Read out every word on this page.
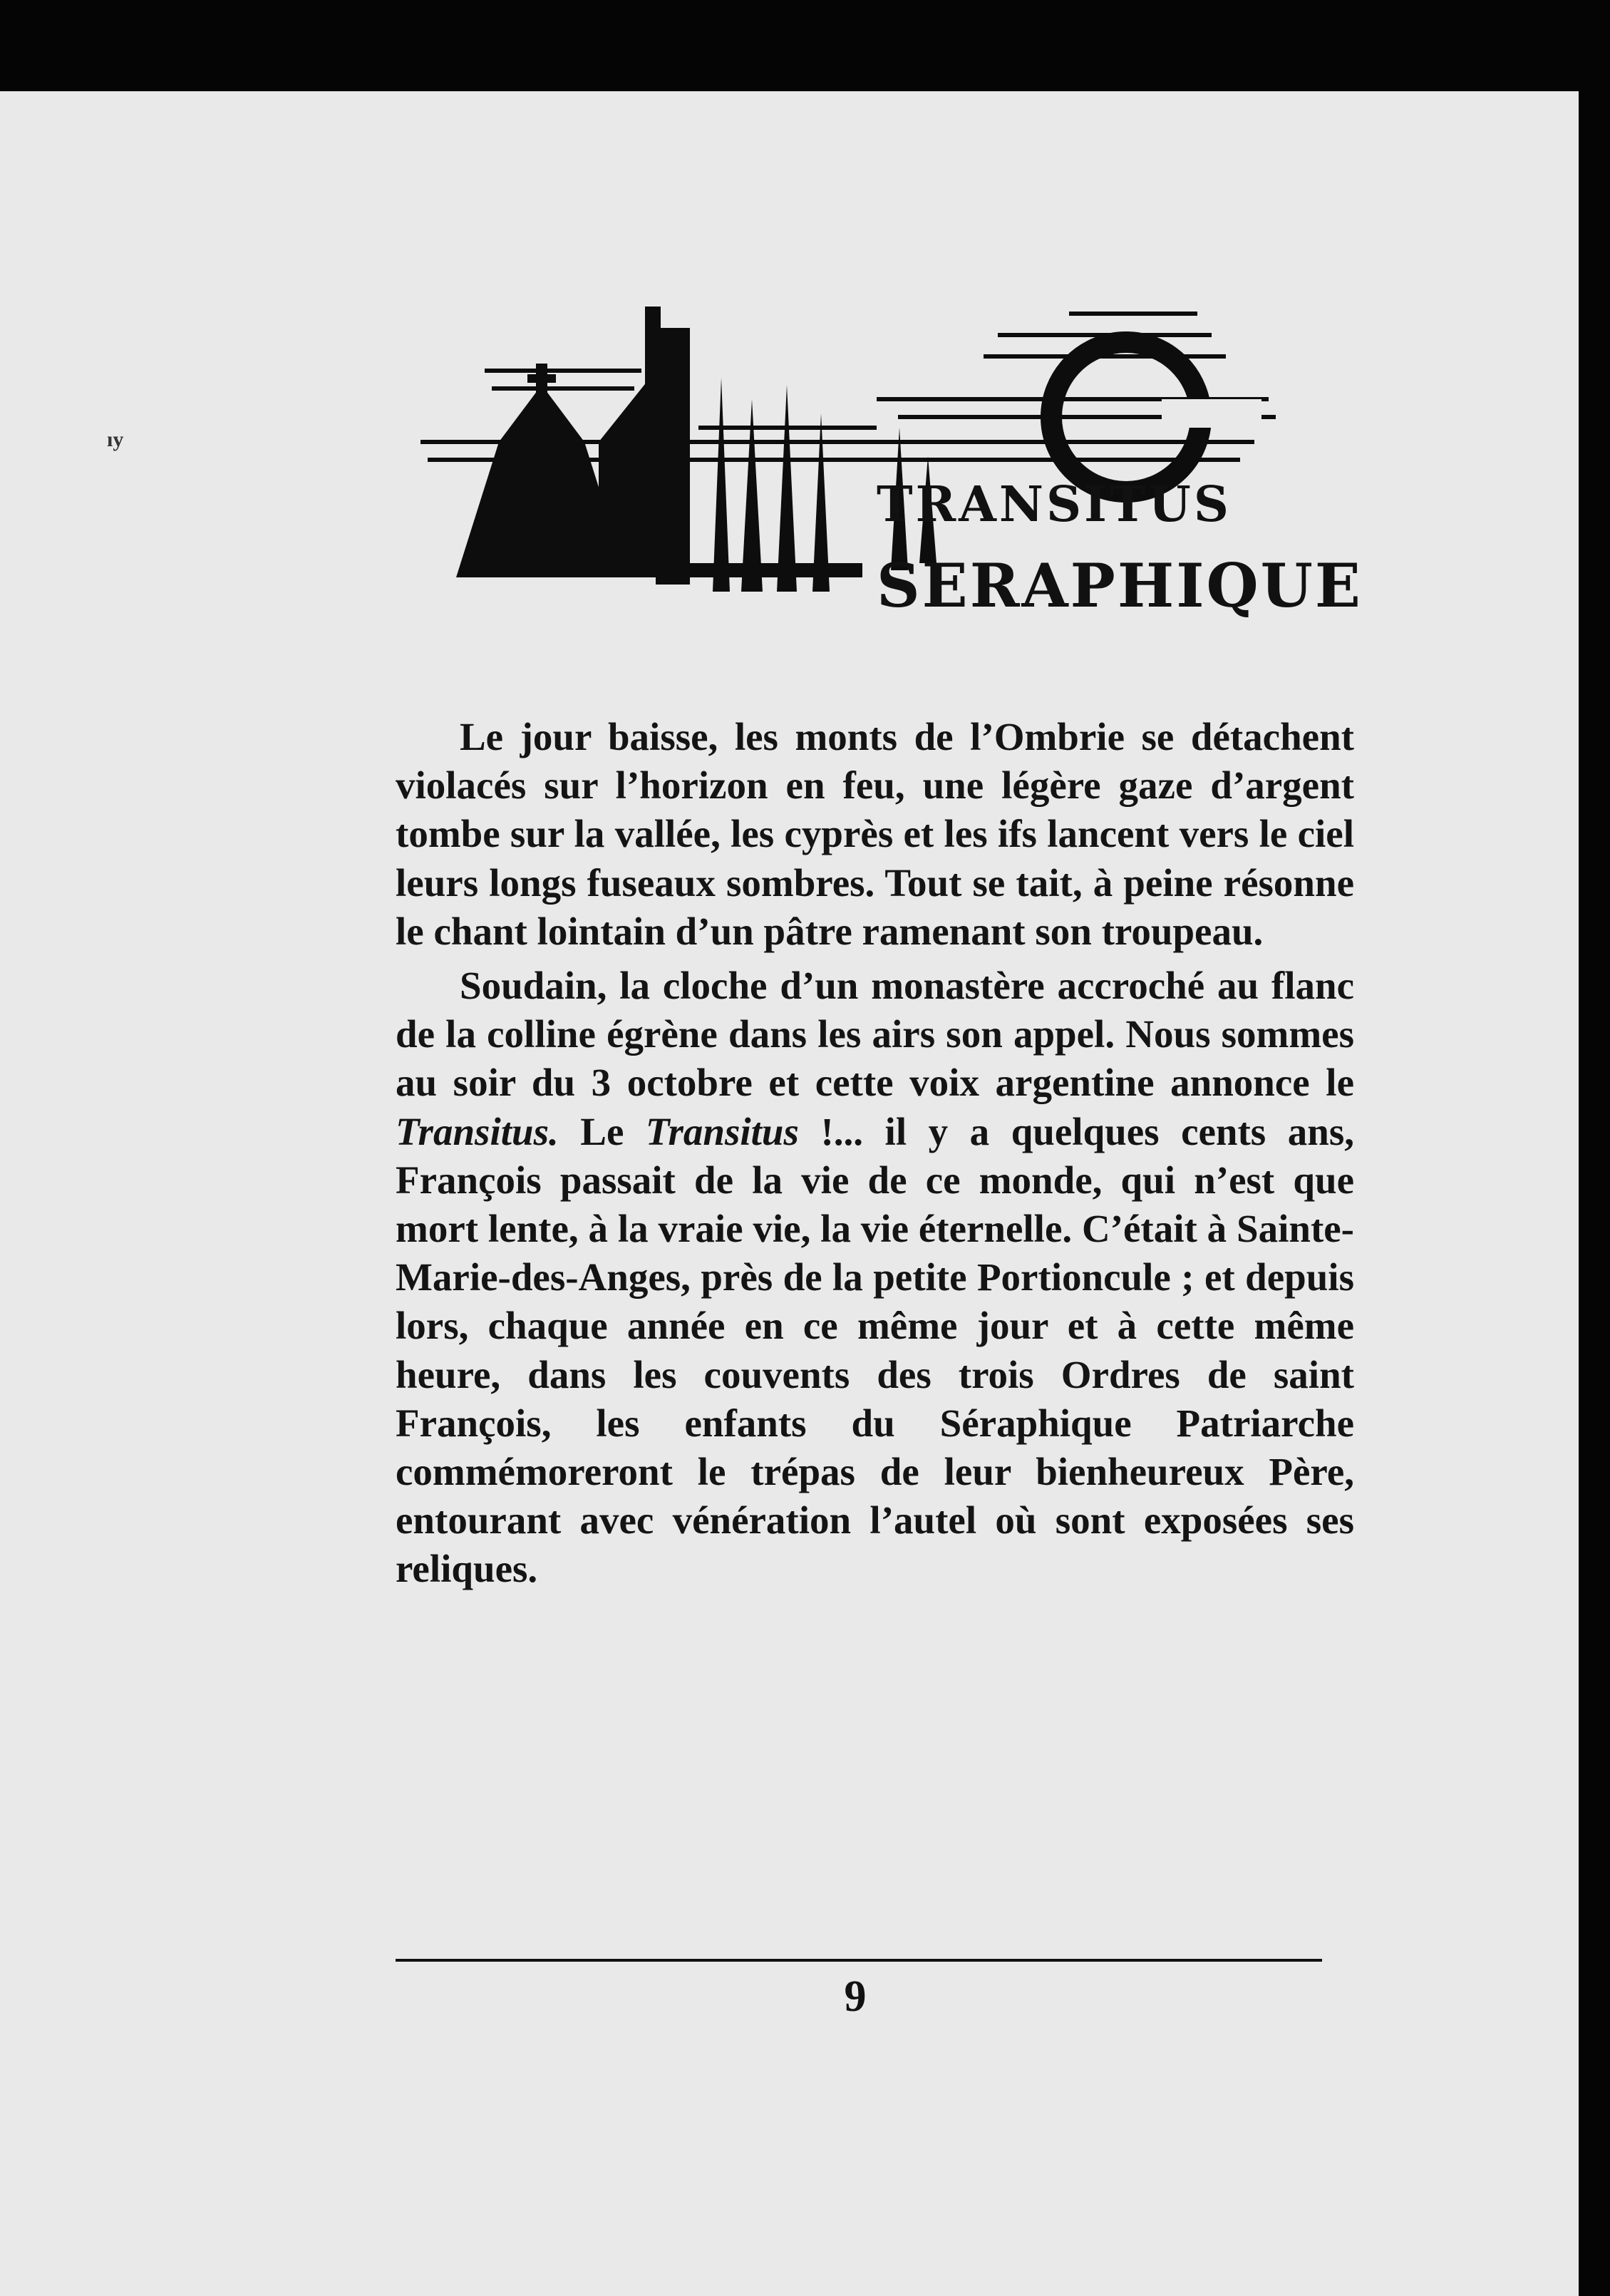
TRANSITUS
SERAPHIQUE
ıy

Le jour baisse, les monts de l’Ombrie se détachent violacés sur l’horizon en feu, une légère gaze d’argent tombe sur la vallée, les cyprès et les ifs lancent vers le ciel leurs longs fuseaux sombres. Tout se tait, à peine résonne le chant lointain d’un pâtre ramenant son troupeau.

Soudain, la cloche d’un monastère accroché au flanc de la colline égrène dans les airs son appel. Nous sommes au soir du 3 octobre et cette voix argentine annonce le Transitus. Le Transitus !... il y a quelques cents ans, François passait de la vie de ce monde, qui n’est que mort lente, à la vraie vie, la vie éternelle. C’était à Sainte-Marie-des-Anges, près de la petite Portioncule ; et depuis lors, chaque année en ce même jour et à cette même heure, dans les couvents des trois Ordres de saint François, les enfants du Séraphique Patriarche commémoreront le trépas de leur bienheureux Père, entourant avec vénération l’autel où sont exposées ses reliques.

9
